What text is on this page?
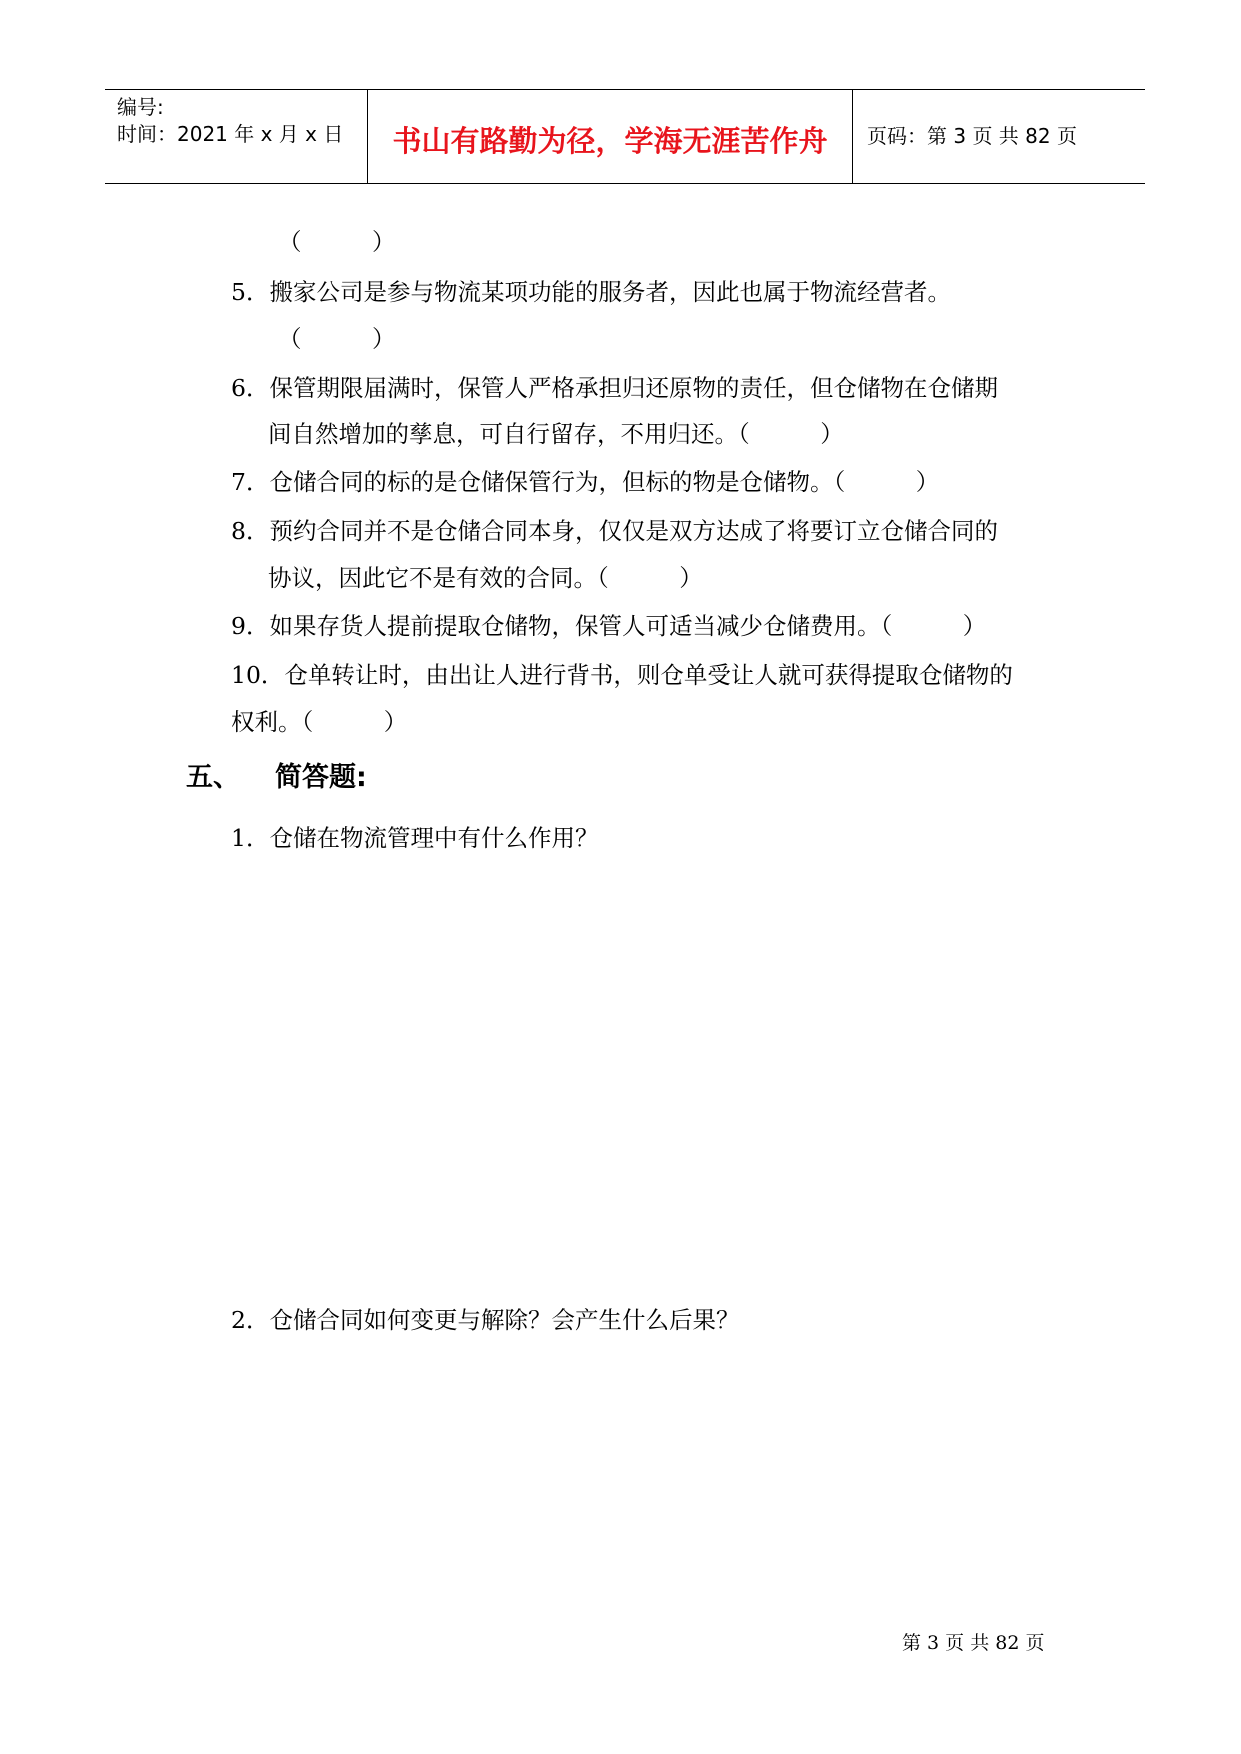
编号:
时间：2021 年 x 月 x 日	书山有路勤为径，学海无涯苦作舟	页码：第 3 页 共 82 页
（　　　）
5．搬家公司是参与物流某项功能的服务者，因此也属于物流经营者。
（　　　）
6．保管期限届满时，保管人严格承担归还原物的责任，但仓储物在仓储期
间自然增加的孳息，可自行留存，不用归还。（　　　）
7．仓储合同的标的是仓储保管行为，但标的物是仓储物。（　　　）
8．预约合同并不是仓储合同本身，仅仅是双方达成了将要订立仓储合同的
协议，因此它不是有效的合同。（　　　）
9．如果存货人提前提取仓储物，保管人可适当减少仓储费用。（　　　）
10．仓单转让时，由出让人进行背书，则仓单受让人就可获得提取仓储物的
权利。（　　　）
五、 简答题:
1．仓储在物流管理中有什么作用？
2．仓储合同如何变更与解除？会产生什么后果？
第 3 页 共 82 页
